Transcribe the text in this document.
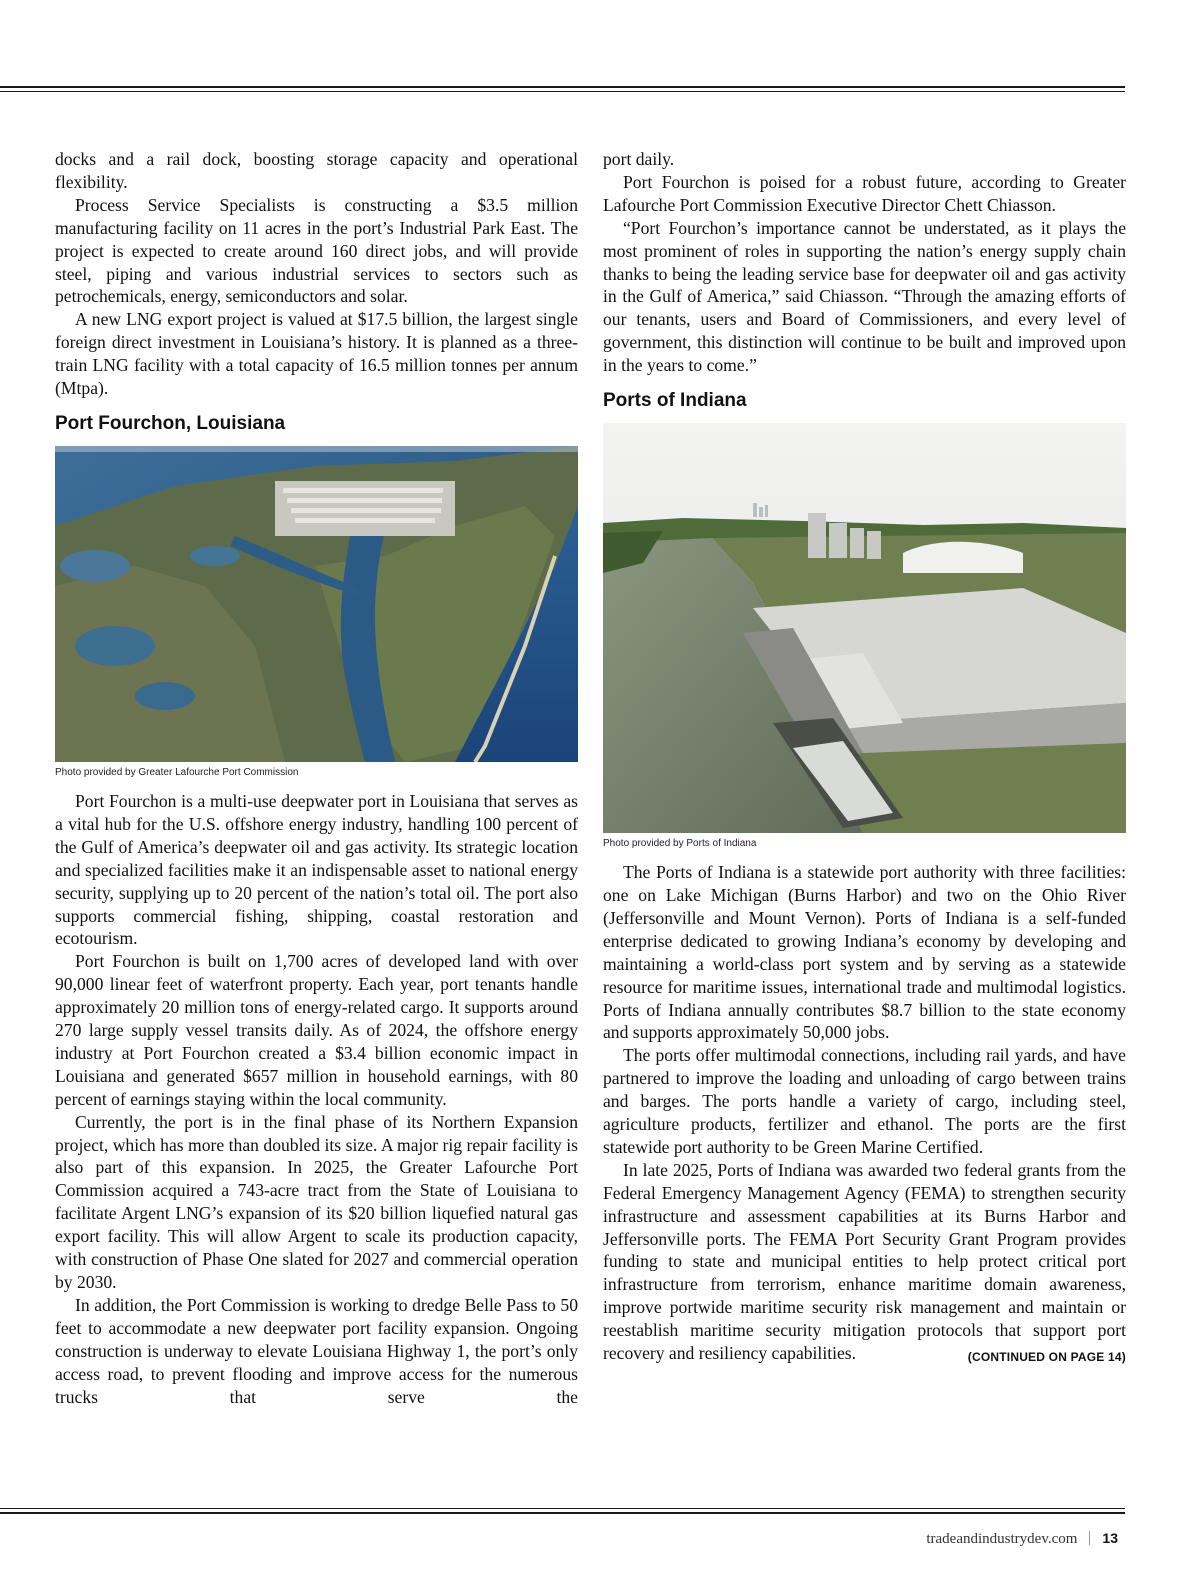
docks and a rail dock, boosting storage capacity and operational flexibility.

Process Service Specialists is constructing a $3.5 million manufacturing facility on 11 acres in the port’s Industrial Park East. The project is expected to create around 160 direct jobs, and will provide steel, piping and various industrial services to sectors such as petrochemicals, energy, semiconductors and solar.

A new LNG export project is valued at $17.5 billion, the largest single foreign direct investment in Louisiana’s history. It is planned as a three-train LNG facility with a total capacity of 16.5 million tonnes per annum (Mtpa).

Port Fourchon, Louisiana
Photo provided by Greater Lafourche Port Commission

Port Fourchon is a multi-use deepwater port in Louisiana that serves as a vital hub for the U.S. offshore energy industry, handling 100 percent of the Gulf of America’s deepwater oil and gas activity. Its strategic location and specialized facilities make it an indispensable asset to national energy security, supplying up to 20 percent of the nation’s total oil. The port also supports commercial fishing, shipping, coastal restoration and ecotourism.

Port Fourchon is built on 1,700 acres of developed land with over 90,000 linear feet of waterfront property. Each year, port tenants handle approximately 20 million tons of energy-related cargo. It supports around 270 large supply vessel transits daily. As of 2024, the offshore energy industry at Port Fourchon created a $3.4 billion economic impact in Louisiana and generated $657 million in household earnings, with 80 percent of earnings staying within the local community.

Currently, the port is in the final phase of its Northern Expansion project, which has more than doubled its size. A major rig repair facility is also part of this expansion. In 2025, the Greater Lafourche Port Commission acquired a 743-acre tract from the State of Louisiana to facilitate Argent LNG’s expansion of its $20 billion liquefied natural gas export facility. This will allow Argent to scale its production capacity, with construction of Phase One slated for 2027 and commercial operation by 2030.

In addition, the Port Commission is working to dredge Belle Pass to 50 feet to accommodate a new deepwater port facility expansion. Ongoing construction is underway to elevate Louisiana Highway 1, the port’s only access road, to prevent flooding and improve access for the numerous trucks that serve the

port daily.

Port Fourchon is poised for a robust future, according to Greater Lafourche Port Commission Executive Director Chett Chiasson.

“Port Fourchon’s importance cannot be understated, as it plays the most prominent of roles in supporting the nation’s energy supply chain thanks to being the leading service base for deepwater oil and gas activity in the Gulf of America,” said Chiasson. “Through the amazing efforts of our tenants, users and Board of Commissioners, and every level of government, this distinction will continue to be built and improved upon in the years to come.”

Ports of Indiana
Photo provided by Ports of Indiana

The Ports of Indiana is a statewide port authority with three facilities: one on Lake Michigan (Burns Harbor) and two on the Ohio River (Jeffersonville and Mount Vernon). Ports of Indiana is a self-funded enterprise dedicated to growing Indiana’s economy by developing and maintaining a world-class port system and by serving as a statewide resource for maritime issues, international trade and multimodal logistics. Ports of Indiana annually contributes $8.7 billion to the state economy and supports approximately 50,000 jobs.

The ports offer multimodal connections, including rail yards, and have partnered to improve the loading and unloading of cargo between trains and barges. The ports handle a variety of cargo, including steel, agriculture products, fertilizer and ethanol. The ports are the first statewide port authority to be Green Marine Certified.

In late 2025, Ports of Indiana was awarded two federal grants from the Federal Emergency Management Agency (FEMA) to strengthen security infrastructure and assessment capabilities at its Burns Harbor and Jeffersonville ports. The FEMA Port Security Grant Program provides funding to state and municipal entities to help protect critical port infrastructure from terrorism, enhance maritime domain awareness, improve portwide maritime security risk management and maintain or reestablish maritime security mitigation protocols that support port recovery and resiliency capabilities.	(CONTINUED ON PAGE 14)

tradeandindustrydev.com 13
